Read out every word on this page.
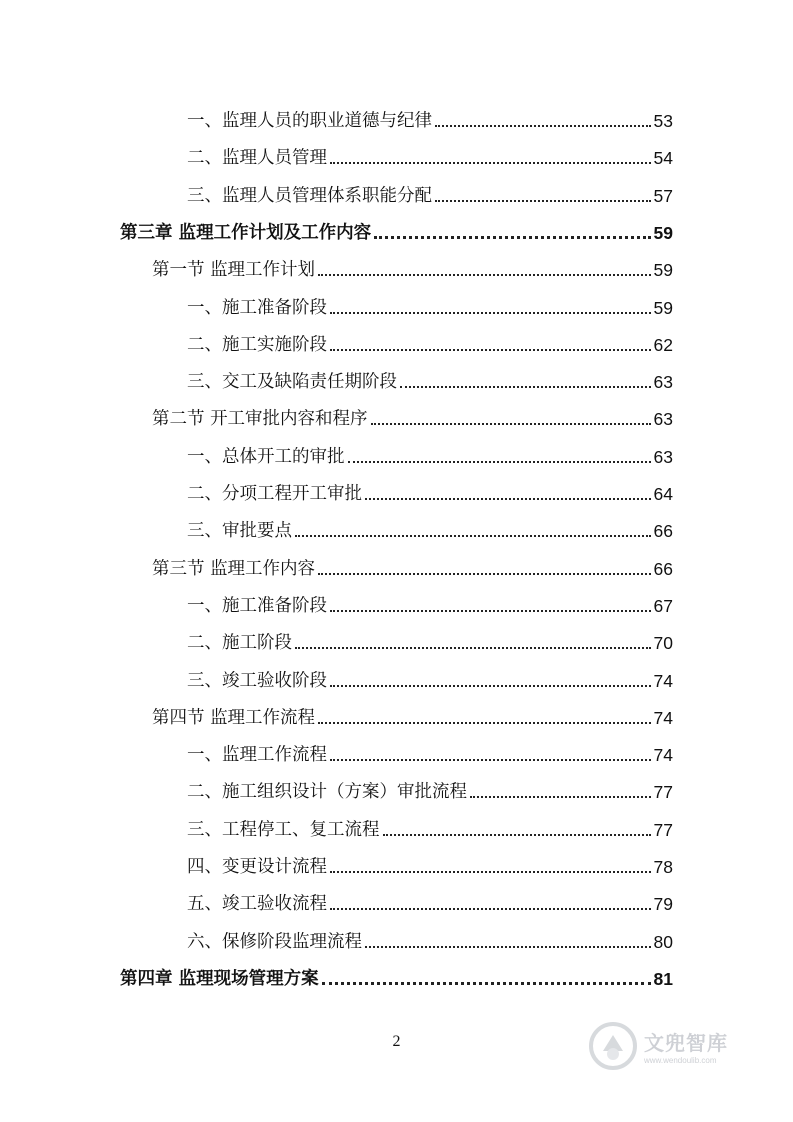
一、监理人员的职业道德与纪律	53
二、监理人员管理	54
三、监理人员管理体系职能分配	57
第三章 监理工作计划及工作内容	59
第一节 监理工作计划	59
一、施工准备阶段	59
二、施工实施阶段	62
三、交工及缺陷责任期阶段	63
第二节 开工审批内容和程序	63
一、总体开工的审批	63
二、分项工程开工审批	64
三、审批要点	66
第三节 监理工作内容	66
一、施工准备阶段	67
二、施工阶段	70
三、竣工验收阶段	74
第四节 监理工作流程	74
一、监理工作流程	74
二、施工组织设计（方案）审批流程	77
三、工程停工、复工流程	77
四、变更设计流程	78
五、竣工验收流程	79
六、保修阶段监理流程	80
第四章 监理现场管理方案	81
2	文兜智库
www.wendoulib.com
